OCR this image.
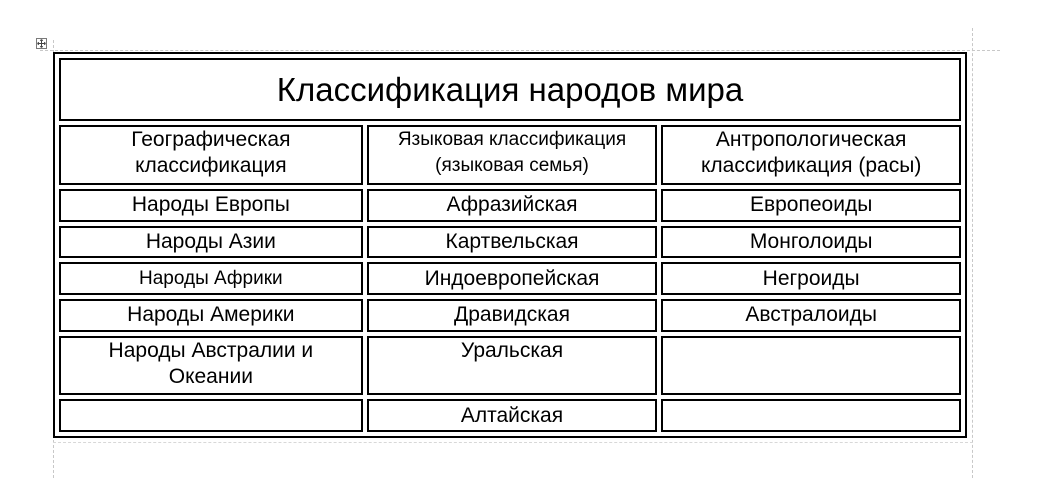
Классификация народов мира		
Географическая классификация	Языковая классификация (языковая семья)	Антропологическая классификация (расы)
Народы Европы	Афразийская	Европеоиды
Народы Азии	Картвельская	Монголоиды
Народы Африки	Индоевропейская	Негроиды
Народы Америки	Дравидская	Австралоиды
Народы Австралии и Океании	Уральская	
	Алтайская	
